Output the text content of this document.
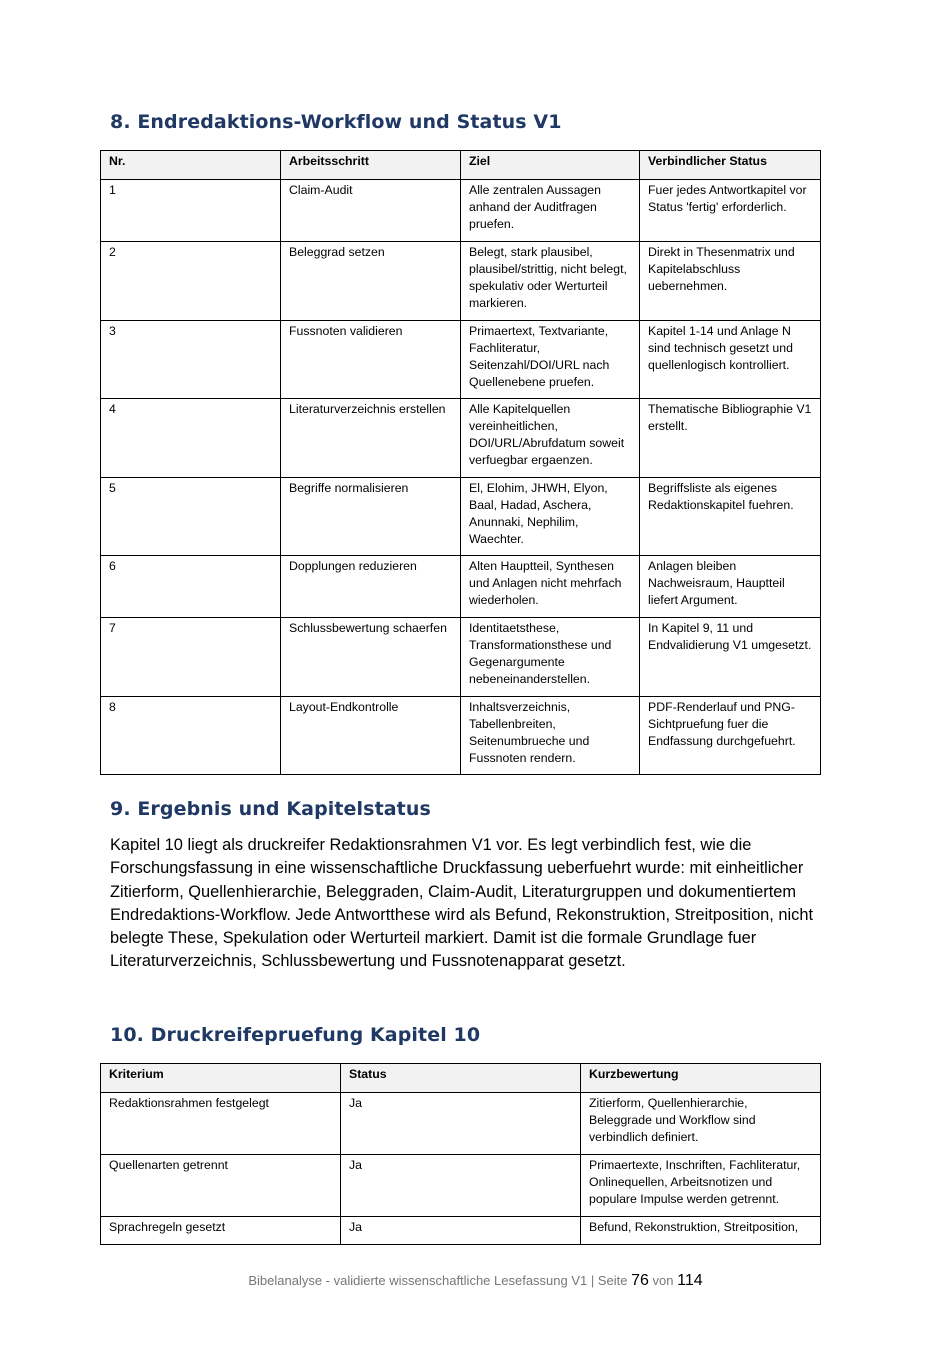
8. Endredaktions-Workflow und Status V1
Nr.	Arbeitsschritt	Ziel	Verbindlicher Status
1	Claim-Audit	Alle zentralen Aussagen anhand der Auditfragen pruefen.	Fuer jedes Antwortkapitel vor Status 'fertig' erforderlich.
2	Beleggrad setzen	Belegt, stark plausibel, plausibel/strittig, nicht belegt, spekulativ oder Werturteil markieren.	Direkt in Thesenmatrix und Kapitelabschluss uebernehmen.
3	Fussnoten validieren	Primaertext, Textvariante, Fachliteratur, Seitenzahl/DOI/URL nach Quellenebene pruefen.	Kapitel 1-14 und Anlage N sind technisch gesetzt und quellenlogisch kontrolliert.
4	Literaturverzeichnis erstellen	Alle Kapitelquellen vereinheitlichen, DOI/URL/Abrufdatum soweit verfuegbar ergaenzen.	Thematische Bibliographie V1 erstellt.
5	Begriffe normalisieren	El, Elohim, JHWH, Elyon, Baal, Hadad, Aschera, Anunnaki, Nephilim, Waechter.	Begriffsliste als eigenes Redaktionskapitel fuehren.
6	Dopplungen reduzieren	Alten Hauptteil, Synthesen und Anlagen nicht mehrfach wiederholen.	Anlagen bleiben Nachweisraum, Hauptteil liefert Argument.
7	Schlussbewertung schaerfen	Identitaetsthese, Transformationsthese und Gegenargumente nebeneinanderstellen.	In Kapitel 9, 11 und Endvalidierung V1 umgesetzt.
8	Layout-Endkontrolle	Inhaltsverzeichnis, Tabellenbreiten, Seitenumbrueche und Fussnoten rendern.	PDF-Renderlauf und PNG-Sichtpruefung fuer die Endfassung durchgefuehrt.
9. Ergebnis und Kapitelstatus

Kapitel 10 liegt als druckreifer Redaktionsrahmen V1 vor. Es legt verbindlich fest, wie die Forschungsfassung in eine wissenschaftliche Druckfassung ueberfuehrt wurde: mit einheitlicher Zitierform, Quellenhierarchie, Beleggraden, Claim-Audit, Literaturgruppen und dokumentiertem Endredaktions-Workflow. Jede Antwortthese wird als Befund, Rekonstruktion, Streitposition, nicht belegte These, Spekulation oder Werturteil markiert. Damit ist die formale Grundlage fuer Literaturverzeichnis, Schlussbewertung und Fussnotenapparat gesetzt.

10. Druckreifepruefung Kapitel 10
Kriterium	Status	Kurzbewertung
Redaktionsrahmen festgelegt	Ja	Zitierform, Quellenhierarchie, Beleggrade und Workflow sind verbindlich definiert.
Quellenarten getrennt	Ja	Primaertexte, Inschriften, Fachliteratur, Onlinequellen, Arbeitsnotizen und populare Impulse werden getrennt.
Sprachregeln gesetzt	Ja	Befund, Rekonstruktion, Streitposition,
Bibelanalyse - validierte wissenschaftliche Lesefassung V1 | Seite 76 von 114
